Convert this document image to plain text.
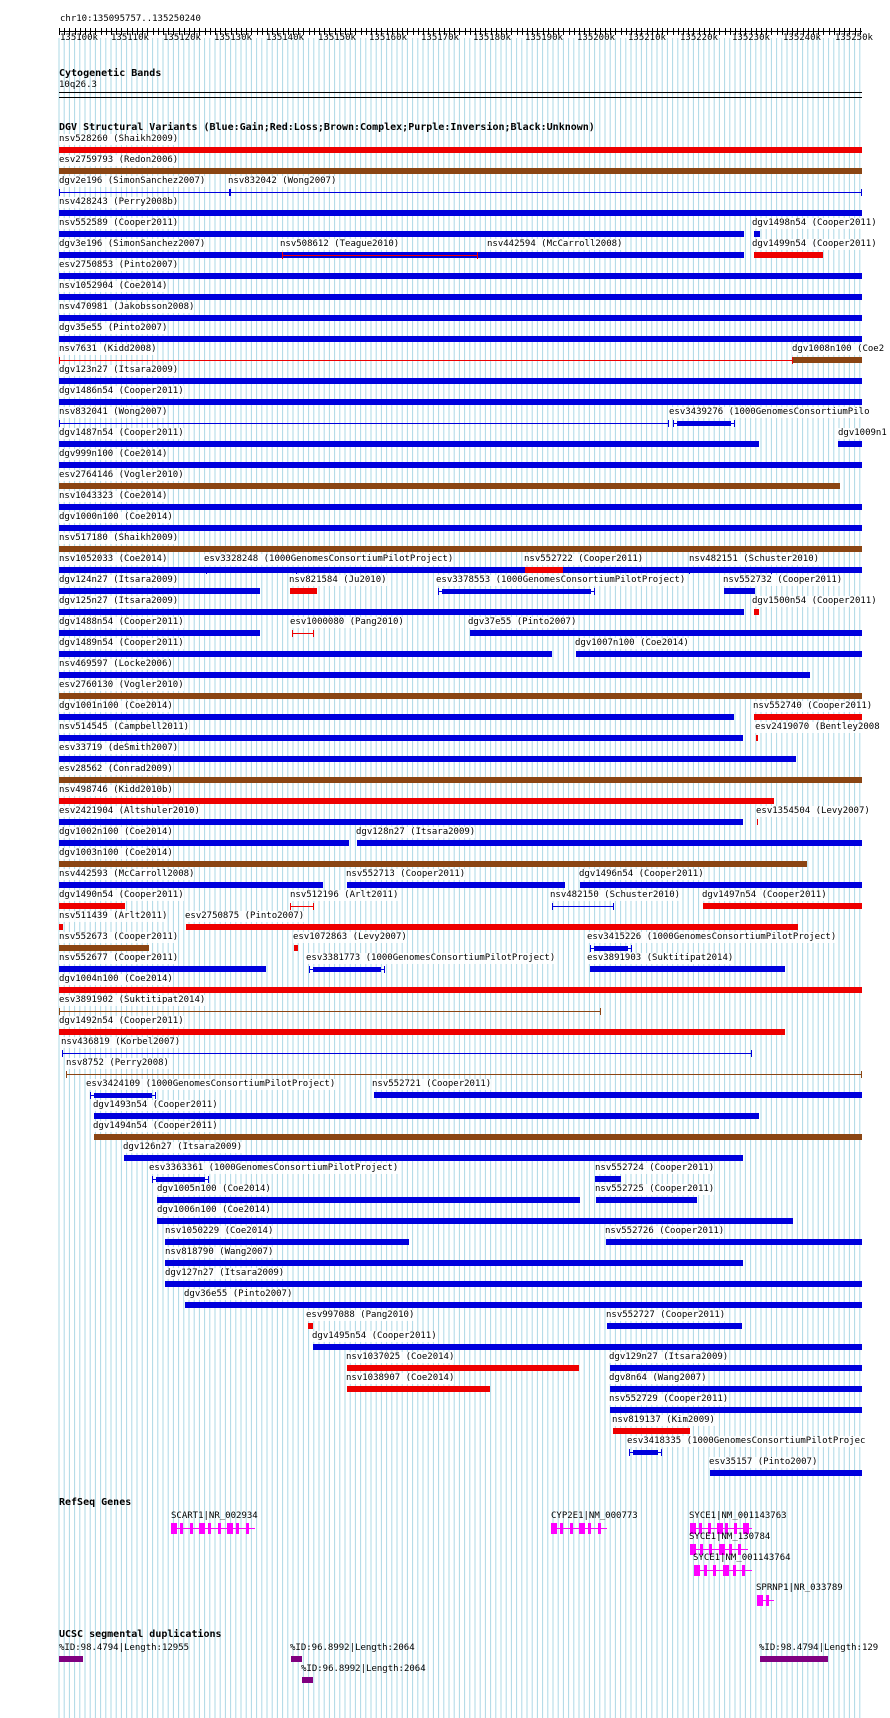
chr10:135095757..135250240
135100k 135110k 135120k 135130k 135140k 135150k 135160k 135170k 135180k 135190k 135200k 135210k 135220k 135230k 135240k 135250k
Cytogenetic Bands
10q26.3
DGV Structural Variants (Blue:Gain;Red:Loss;Brown:Complex;Purple:Inversion;Black:Unknown)
nsv528260 (Shaikh2009)
esv2759793 (Redon2006)
dgv2e196 (SimonSanchez2007)	nsv832042 (Wong2007)
nsv428243 (Perry2008b)
nsv552589 (Cooper2011)	dgv1498n54 (Cooper2011)
dgv3e196 (SimonSanchez2007)	nsv508612 (Teague2010)	nsv442594 (McCarroll2008)	dgv1499n54 (Cooper2011)
esv2750853 (Pinto2007)
nsv1052904 (Coe2014)
nsv470981 (Jakobsson2008)
dgv35e55 (Pinto2007)
nsv7631 (Kidd2008)	dgv1008n100 (Coe2
dgv123n27 (Itsara2009)
dgv1486n54 (Cooper2011)
nsv832041 (Wong2007)	esv3439276 (1000GenomesConsortiumPilo
dgv1487n54 (Cooper2011)	dgv1009n1
dgv999n100 (Coe2014)
esv2764146 (Vogler2010)
nsv1043323 (Coe2014)
dgv1000n100 (Coe2014)
nsv517180 (Shaikh2009)
nsv1052033 (Coe2014)	esv3328248 (1000GenomesConsortiumPilotProject)	nsv552722 (Cooper2011)	nsv482151 (Schuster2010)
dgv124n27 (Itsara2009)	nsv821584 (Ju2010)	esv3378553 (1000GenomesConsortiumPilotProject)	nsv552732 (Cooper2011)
dgv125n27 (Itsara2009)	dgv1500n54 (Cooper2011)
dgv1488n54 (Cooper2011)	esv1000080 (Pang2010)	dgv37e55 (Pinto2007)
dgv1489n54 (Cooper2011)	dgv1007n100 (Coe2014)
nsv469597 (Locke2006)
esv2760130 (Vogler2010)
dgv1001n100 (Coe2014)	nsv552740 (Cooper2011)
nsv514545 (Campbell2011)	esv2419070 (Bentley2008
esv33719 (deSmith2007)
esv28562 (Conrad2009)
nsv498746 (Kidd2010b)
esv2421904 (Altshuler2010)	esv1354504 (Levy2007)
dgv1002n100 (Coe2014)	dgv128n27 (Itsara2009)
dgv1003n100 (Coe2014)
nsv442593 (McCarroll2008)	nsv552713 (Cooper2011)	dgv1496n54 (Cooper2011)
dgv1490n54 (Cooper2011)	nsv512196 (Arlt2011)	nsv482150 (Schuster2010) dgv1497n54 (Cooper2011)
nsv511439 (Arlt2011) esv2750875 (Pinto2007)
nsv552673 (Cooper2011)	esv1072863 (Levy2007)	esv3415226 (1000GenomesConsortiumPilotProject)
nsv552677 (Cooper2011)	esv3381773 (1000GenomesConsortiumPilotProject)	esv3891903 (Suktitipat2014)
dgv1004n100 (Coe2014)
esv3891902 (Suktitipat2014)
dgv1492n54 (Cooper2011)
nsv436819 (Korbel2007)
nsv8752 (Perry2008)
esv3424109 (1000GenomesConsortiumPilotProject)	nsv552721 (Cooper2011)
dgv1493n54 (Cooper2011)
dgv1494n54 (Cooper2011)
dgv126n27 (Itsara2009)
esv3363361 (1000GenomesConsortiumPilotProject)	nsv552724 (Cooper2011)
dgv1005n100 (Coe2014)	nsv552725 (Cooper2011)
dgv1006n100 (Coe2014)
nsv1050229 (Coe2014)	nsv552726 (Cooper2011)
nsv818790 (Wang2007)
dgv127n27 (Itsara2009)
dgv36e55 (Pinto2007)
esv997088 (Pang2010)	nsv552727 (Cooper2011)
dgv1495n54 (Cooper2011)
nsv1037025 (Coe2014)	dgv129n27 (Itsara2009)
nsv1038907 (Coe2014)	dgv8n64 (Wang2007)
nsv552729 (Cooper2011)
nsv819137 (Kim2009)
esv3418335 (1000GenomesConsortiumPilotProjec
esv35157 (Pinto2007)
RefSeq Genes
SCART1|NR_002934	CYP2E1|NM_000773	SYCE1|NM_001143763
SYCE1|NM_130784
SYCE1|NM_001143764
SPRNP1|NR_033789
UCSC segmental duplications
%ID:98.4794|Length:12955	%ID:96.8992|Length:2064
%ID:96.8992|Length:2064
%ID:98.4794|Length:129
